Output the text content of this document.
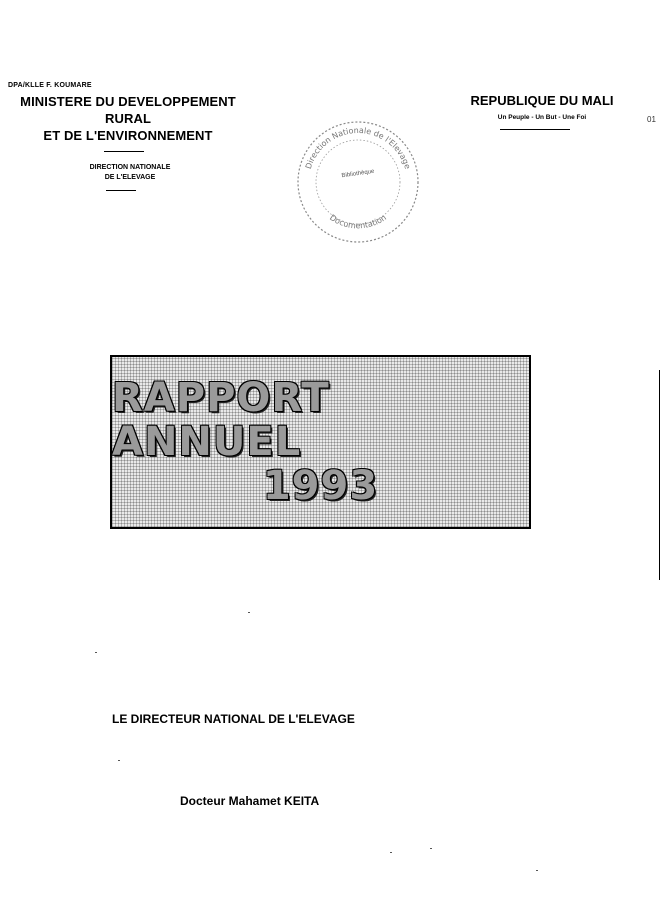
DPA/KLLE F. KOUMARE
MINISTERE DU DEVELOPPEMENT
RURAL
ET DE L'ENVIRONNEMENT
DIRECTION NATIONALE
DE L'ELEVAGE
REPUBLIQUE DU MALI
Un Peuple - Un But - Une Foi	01
Direction Nationale de l'Elevage
Documentation
Bibliothèque
RAPPORT ANNUEL
1993
LE DIRECTEUR NATIONAL DE L'ELEVAGE
Docteur Mahamet KEITA
